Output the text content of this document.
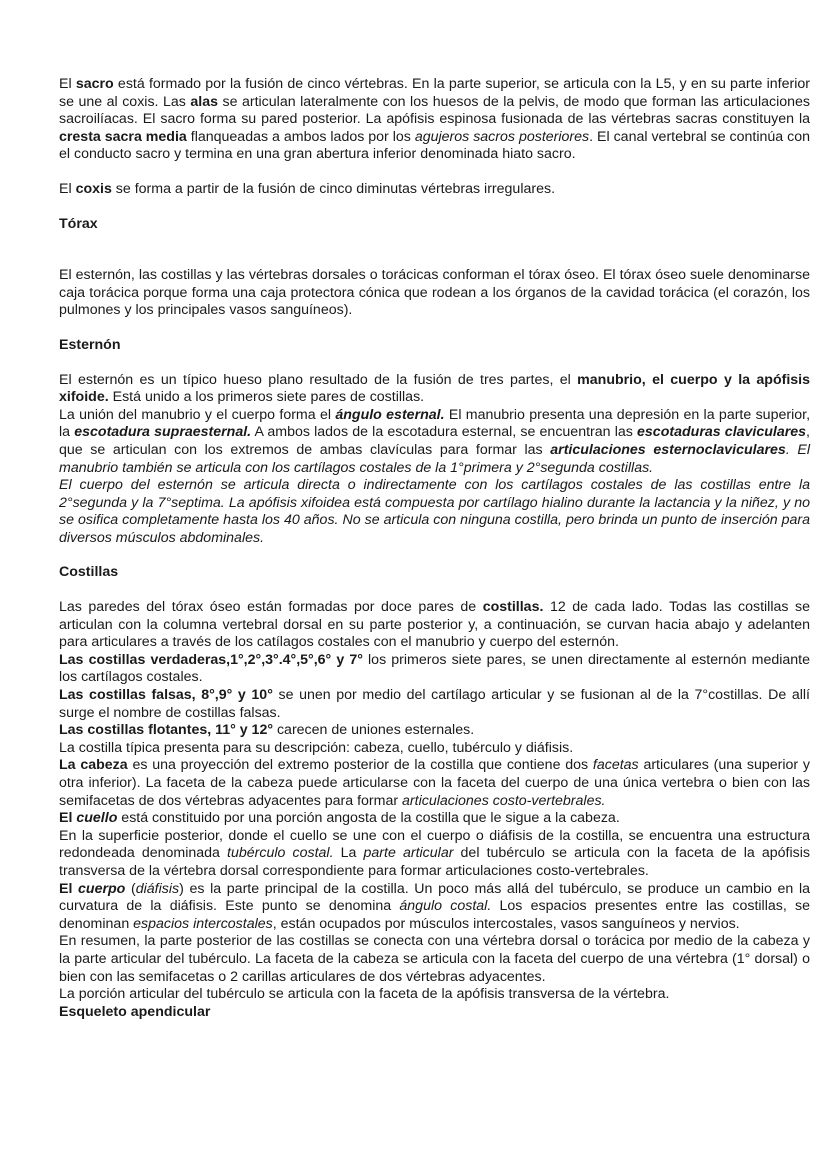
El sacro está formado por la fusión de cinco vértebras. En la parte superior, se articula con la L5, y en su parte inferior se une al coxis. Las alas se articulan lateralmente con los huesos de la pelvis, de modo que forman las articulaciones sacroilíacas. El sacro forma su pared posterior. La apófisis espinosa fusionada de las vértebras sacras constituyen la cresta sacra media flanqueadas a ambos lados por los agujeros sacros posteriores. El canal vertebral se continúa con el conducto sacro y termina en una gran abertura inferior denominada hiato sacro.

El coxis se forma a partir de la fusión de cinco diminutas vértebras irregulares.

Tórax

El esternón, las costillas y las vértebras dorsales o torácicas conforman el tórax óseo. El tórax óseo suele denominarse caja torácica porque forma una caja protectora cónica que rodean a los órganos de la cavidad torácica (el corazón, los pulmones y los principales vasos sanguíneos).

Esternón

El esternón es un típico hueso plano resultado de la fusión de tres partes, el manubrio, el cuerpo y la apófisis xifoide. Está unido a los primeros siete pares de costillas.

La unión del manubrio y el cuerpo forma el ángulo esternal. El manubrio presenta una depresión en la parte superior, la escotadura supraesternal. A ambos lados de la escotadura esternal, se encuentran las escotaduras claviculares, que se articulan con los extremos de ambas clavículas para formar las articulaciones esternoclaviculares. El manubrio también se articula con los cartílagos costales de la 1°primera y 2°segunda costillas.

El cuerpo del esternón se articula directa o indirectamente con los cartílagos costales de las costillas entre la 2°segunda y la 7°septima. La apófisis xifoidea está compuesta por cartílago hialino durante la lactancia y la niñez, y no se osifica completamente hasta los 40 años. No se articula con ninguna costilla, pero brinda un punto de inserción para diversos músculos abdominales.

Costillas

Las paredes del tórax óseo están formadas por doce pares de costillas. 12 de cada lado. Todas las costillas se articulan con la columna vertebral dorsal en su parte posterior y, a continuación, se curvan hacia abajo y adelanten para articulares a través de los catílagos costales con el manubrio y cuerpo del esternón.

Las costillas verdaderas,1°,2°,3°.4°,5°,6° y 7° los primeros siete pares, se unen directamente al esternón mediante los cartílagos costales.

Las costillas falsas, 8°,9° y 10° se unen por medio del cartílago articular y se fusionan al de la 7°costillas. De allí surge el nombre de costillas falsas.

Las costillas flotantes, 11° y 12° carecen de uniones esternales.

La costilla típica presenta para su descripción: cabeza, cuello, tubérculo y diáfisis.

La cabeza es una proyección del extremo posterior de la costilla que contiene dos facetas articulares (una superior y otra inferior). La faceta de la cabeza puede articularse con la faceta del cuerpo de una única vertebra o bien con las semifacetas de dos vértebras adyacentes para formar articulaciones costo-vertebrales.

El cuello está constituido por una porción angosta de la costilla que le sigue a la cabeza.

En la superficie posterior, donde el cuello se une con el cuerpo o diáfisis de la costilla, se encuentra una estructura redondeada denominada tubérculo costal. La parte articular del tubérculo se articula con la faceta de la apófisis transversa de la vértebra dorsal correspondiente para formar articulaciones costo-vertebrales.

El cuerpo (diáfisis) es la parte principal de la costilla. Un poco más allá del tubérculo, se produce un cambio en la curvatura de la diáfisis. Este punto se denomina ángulo costal. Los espacios presentes entre las costillas, se denominan espacios intercostales, están ocupados por músculos intercostales, vasos sanguíneos y nervios.

En resumen, la parte posterior de las costillas se conecta con una vértebra dorsal o torácica por medio de la cabeza y la parte articular del tubérculo. La faceta de la cabeza se articula con la faceta del cuerpo de una vértebra (1° dorsal) o bien con las semifacetas o 2 carillas articulares de dos vértebras adyacentes.

La porción articular del tubérculo se articula con la faceta de la apófisis transversa de la vértebra.

Esqueleto apendicular
